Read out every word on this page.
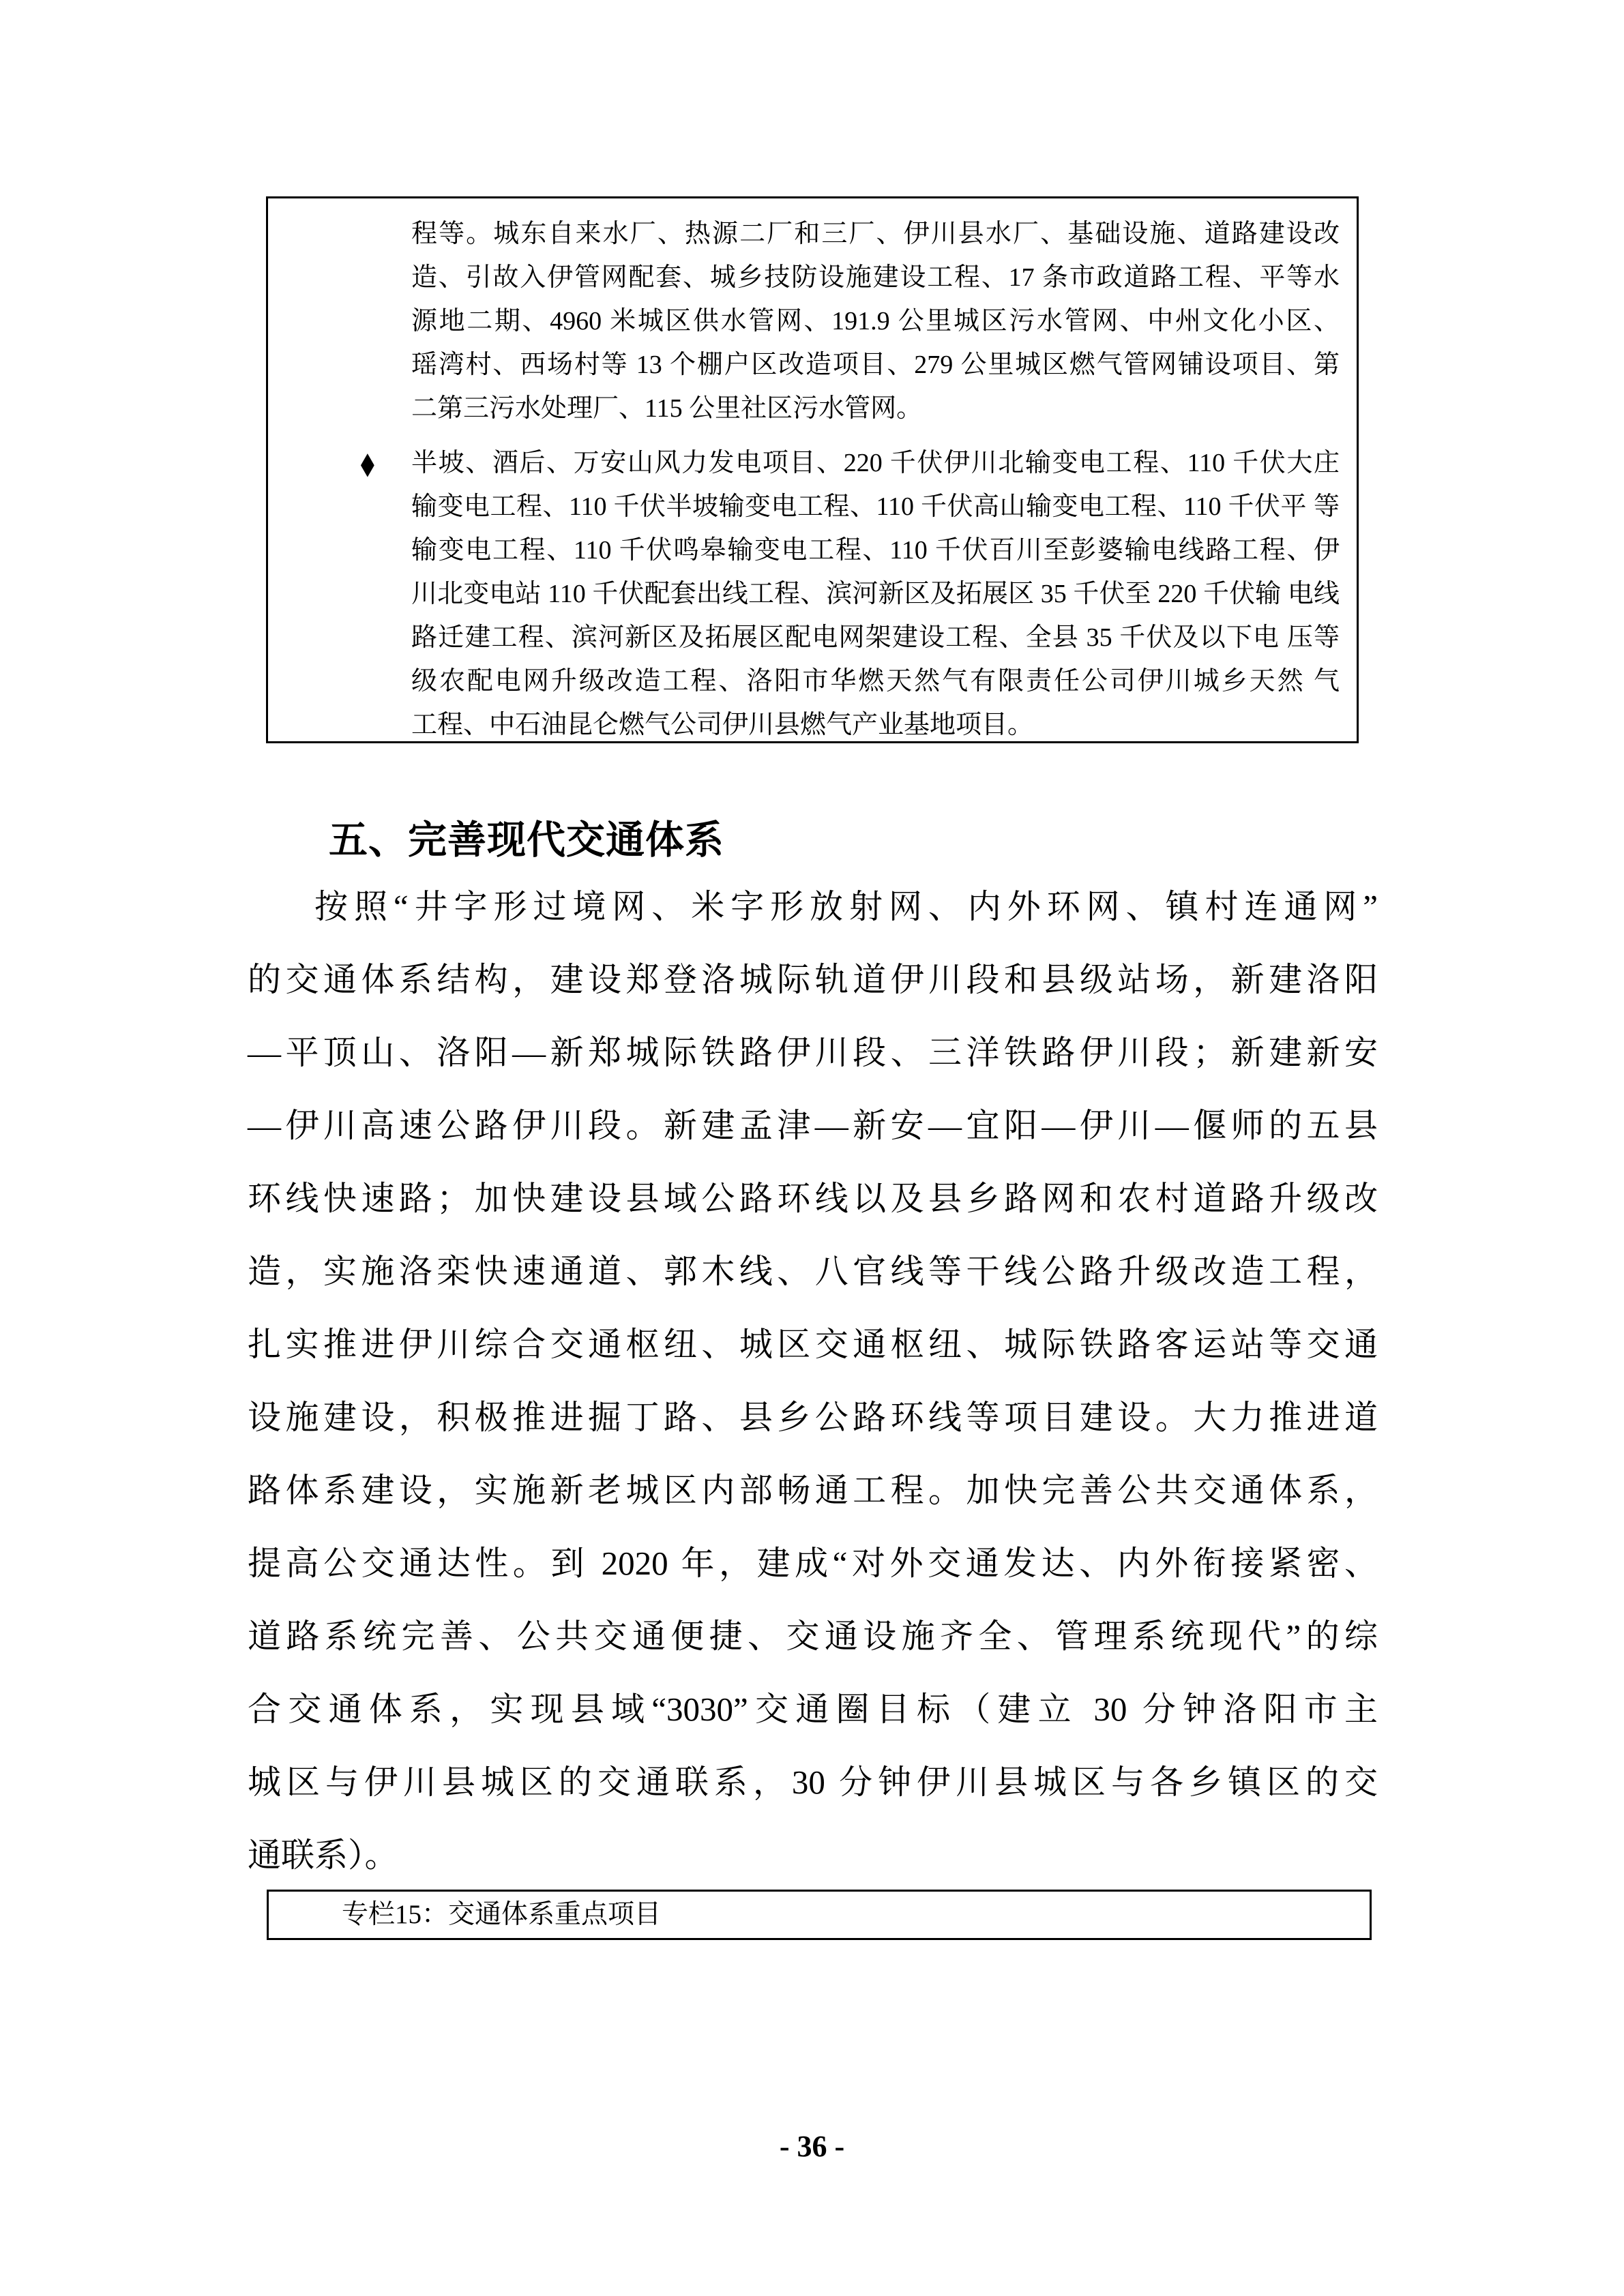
程等。城东自来水厂、热源二厂和三厂、伊川县水厂、基础设施、道路建设改
造、引故入伊管网配套、城乡技防设施建设工程、17 条市政道路工程、平等水
源地二期、4960 米城区供水管网、191.9 公里城区污水管网、中州文化小区、
瑶湾村、西场村等 13 个棚户区改造项目、279 公里城区燃气管网铺设项目、第
二第三污水处理厂、115 公里社区污水管网。
◆ 半坡、酒后、万安山风力发电项目、220 千伏伊川北输变电工程、110 千伏大庄
输变电工程、110 千伏半坡输变电工程、110 千伏高山输变电工程、110 千伏平 等
输变电工程、110 千伏鸣皋输变电工程、110 千伏百川至彭婆输电线路工程、伊
川北变电站 110 千伏配套出线工程、滨河新区及拓展区 35 千伏至 220 千伏输 电线
路迁建工程、滨河新区及拓展区配电网架建设工程、全县 35 千伏及以下电 压等
级农配电网升级改造工程、洛阳市华燃天然气有限责任公司伊川城乡天然 气
工程、中石油昆仑燃气公司伊川县燃气产业基地项目。
五、完善现代交通体系
按照“井字形过境网、米字形放射网、内外环网、镇村连通网”
的交通体系结构，建设郑登洛城际轨道伊川段和县级站场，新建洛阳
—平顶山、洛阳—新郑城际铁路伊川段、三洋铁路伊川段；新建新安
—伊川高速公路伊川段。新建孟津—新安—宜阳—伊川—偃师的五县
环线快速路；加快建设县域公路环线以及县乡路网和农村道路升级改
造，实施洛栾快速通道、郭木线、八官线等干线公路升级改造工程，
扎实推进伊川综合交通枢纽、城区交通枢纽、城际铁路客运站等交通
设施建设，积极推进掘丁路、县乡公路环线等项目建设。大力推进道
路体系建设，实施新老城区内部畅通工程。加快完善公共交通体系，
提高公交通达性。到 2020 年，建成“对外交通发达、内外衔接紧密、
道路系统完善、公共交通便捷、交通设施齐全、管理系统现代”的综
合交通体系，实现县域“3030”交通圈目标（建立 30 分钟洛阳市主
城区与伊川县城区的交通联系，30 分钟伊川县城区与各乡镇区的交
通联系）。
专栏15：交通体系重点项目
- 36 -
